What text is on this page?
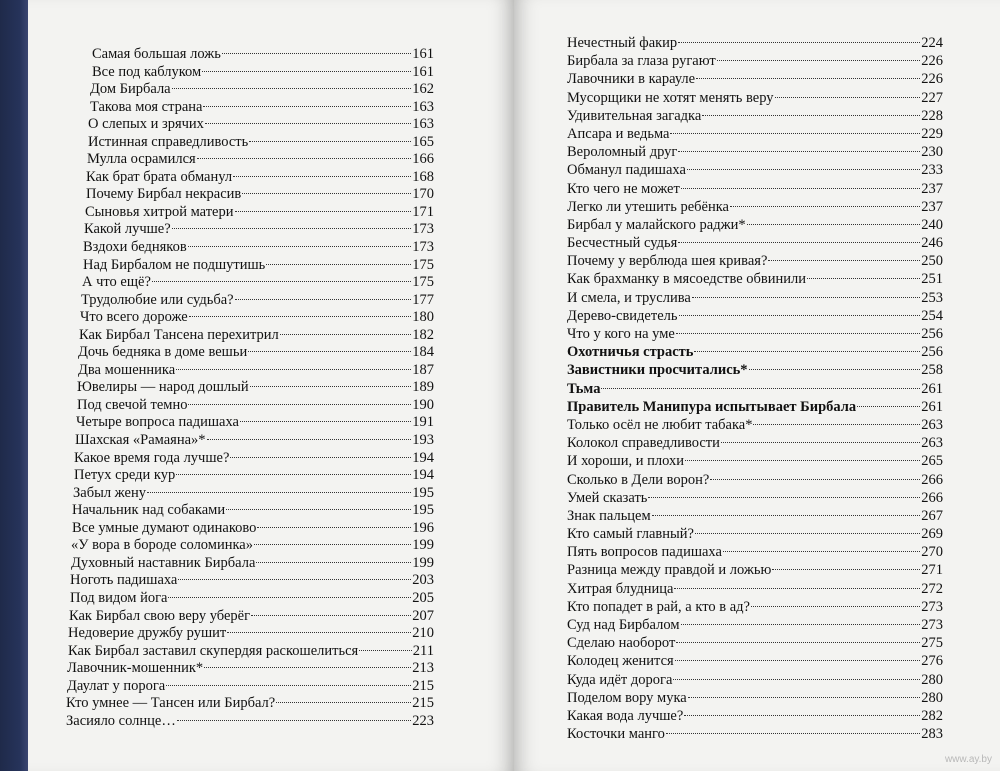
Самая большая ложь	161
Все под каблуком	161
Дом Бирбала	162
Такова моя страна	163
О слепых и зрячих	163
Истинная справедливость	165
Мулла осрамился	166
Как брат брата обманул	168
Почему Бирбал некрасив	170
Сыновья хитрой матери	171
Какой лучше?	173
Вздохи бедняков	173
Над Бирбалом не подшутишь	175
А что ещё?	175
Трудолюбие или судьба?	177
Что всего дороже	180
Как Бирбал Тансена перехитрил	182
Дочь бедняка в доме вешьи	184
Два мошенника	187
Ювелиры — народ дошлый	189
Под свечой темно	190
Четыре вопроса падишаха	191
Шахская «Рамаяна»*	193
Какое время года лучше?	194
Петух среди кур	194
Забыл жену	195
Начальник над собаками	195
Все умные думают одинаково	196
«У вора в бороде соломинка»	199
Духовный наставник Бирбала	199
Ноготь падишаха	203
Под видом йога	205
Как Бирбал свою веру уберёг	207
Недоверие дружбу рушит	210
Как Бирбал заставил скупердяя раскошелиться	211
Лавочник-мошенник*	213
Даулат у порога	215
Кто умнее — Тансен или Бирбал?	215
Засияло солнце…	223
Нечестный факир	224
Бирбала за глаза ругают	226
Лавочники в карауле	226
Мусорщики не хотят менять веру	227
Удивительная загадка	228
Апсара и ведьма	229
Вероломный друг	230
Обманул падишаха	233
Кто чего не может	237
Легко ли утешить ребёнка	237
Бирбал у малайского раджи*	240
Бесчестный судья	246
Почему у верблюда шея кривая?	250
Как брахманку в мясоедстве обвинили	251
И смела, и труслива	253
Дерево-свидетель	254
Что у кого на уме	256
Охотничья страсть	256
Завистники просчитались*	258
Тьма	261
Правитель Манипура испытывает Бирбала	261
Только осёл не любит табака*	263
Колокол справедливости	263
И хороши, и плохи	265
Сколько в Дели ворон?	266
Умей сказать	266
Знак пальцем	267
Кто самый главный?	269
Пять вопросов падишаха	270
Разница между правдой и ложью	271
Хитрая блудница	272
Кто попадет в рай, а кто в ад?	273
Суд над Бирбалом	273
Сделаю наоборот	275
Колодец женится	276
Куда идёт дорога	280
Поделом вору мука	280
Какая вода лучше?	282
Косточки манго	283
www.ay.by
